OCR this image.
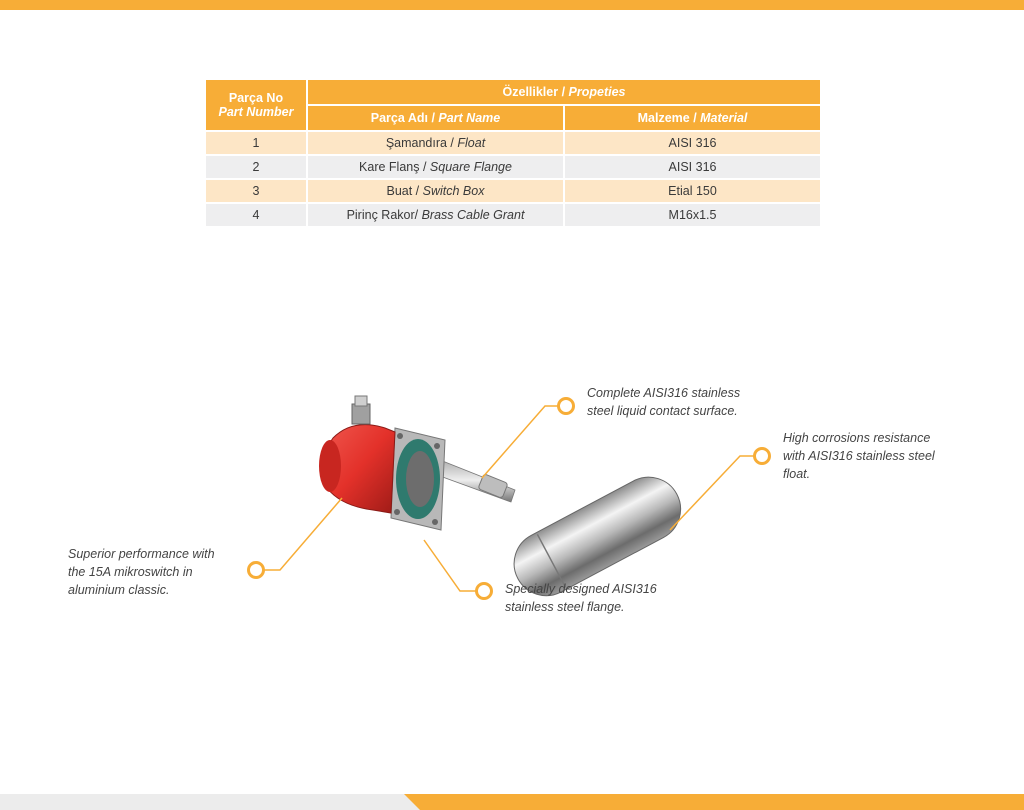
Parça No
Part Number	Özellikler / Propeties	
	Parça Adı / Part Name	Malzeme / Material
1	Şamandıra / Float	AISI 316
2	Kare Flanş / Square Flange	AISI 316
3	Buat / Switch Box	Etial 150
4	Pirinç Rakor/ Brass Cable Grant	M16x1.5
Complete AISI316 stainless
steel liquid contact surface.
High corrosions resistance
with AISI316 stainless steel
float.
Superior performance with
the 15A mikroswitch in
aluminium classic.	Specially designed AISI316
stainless steel flange.
